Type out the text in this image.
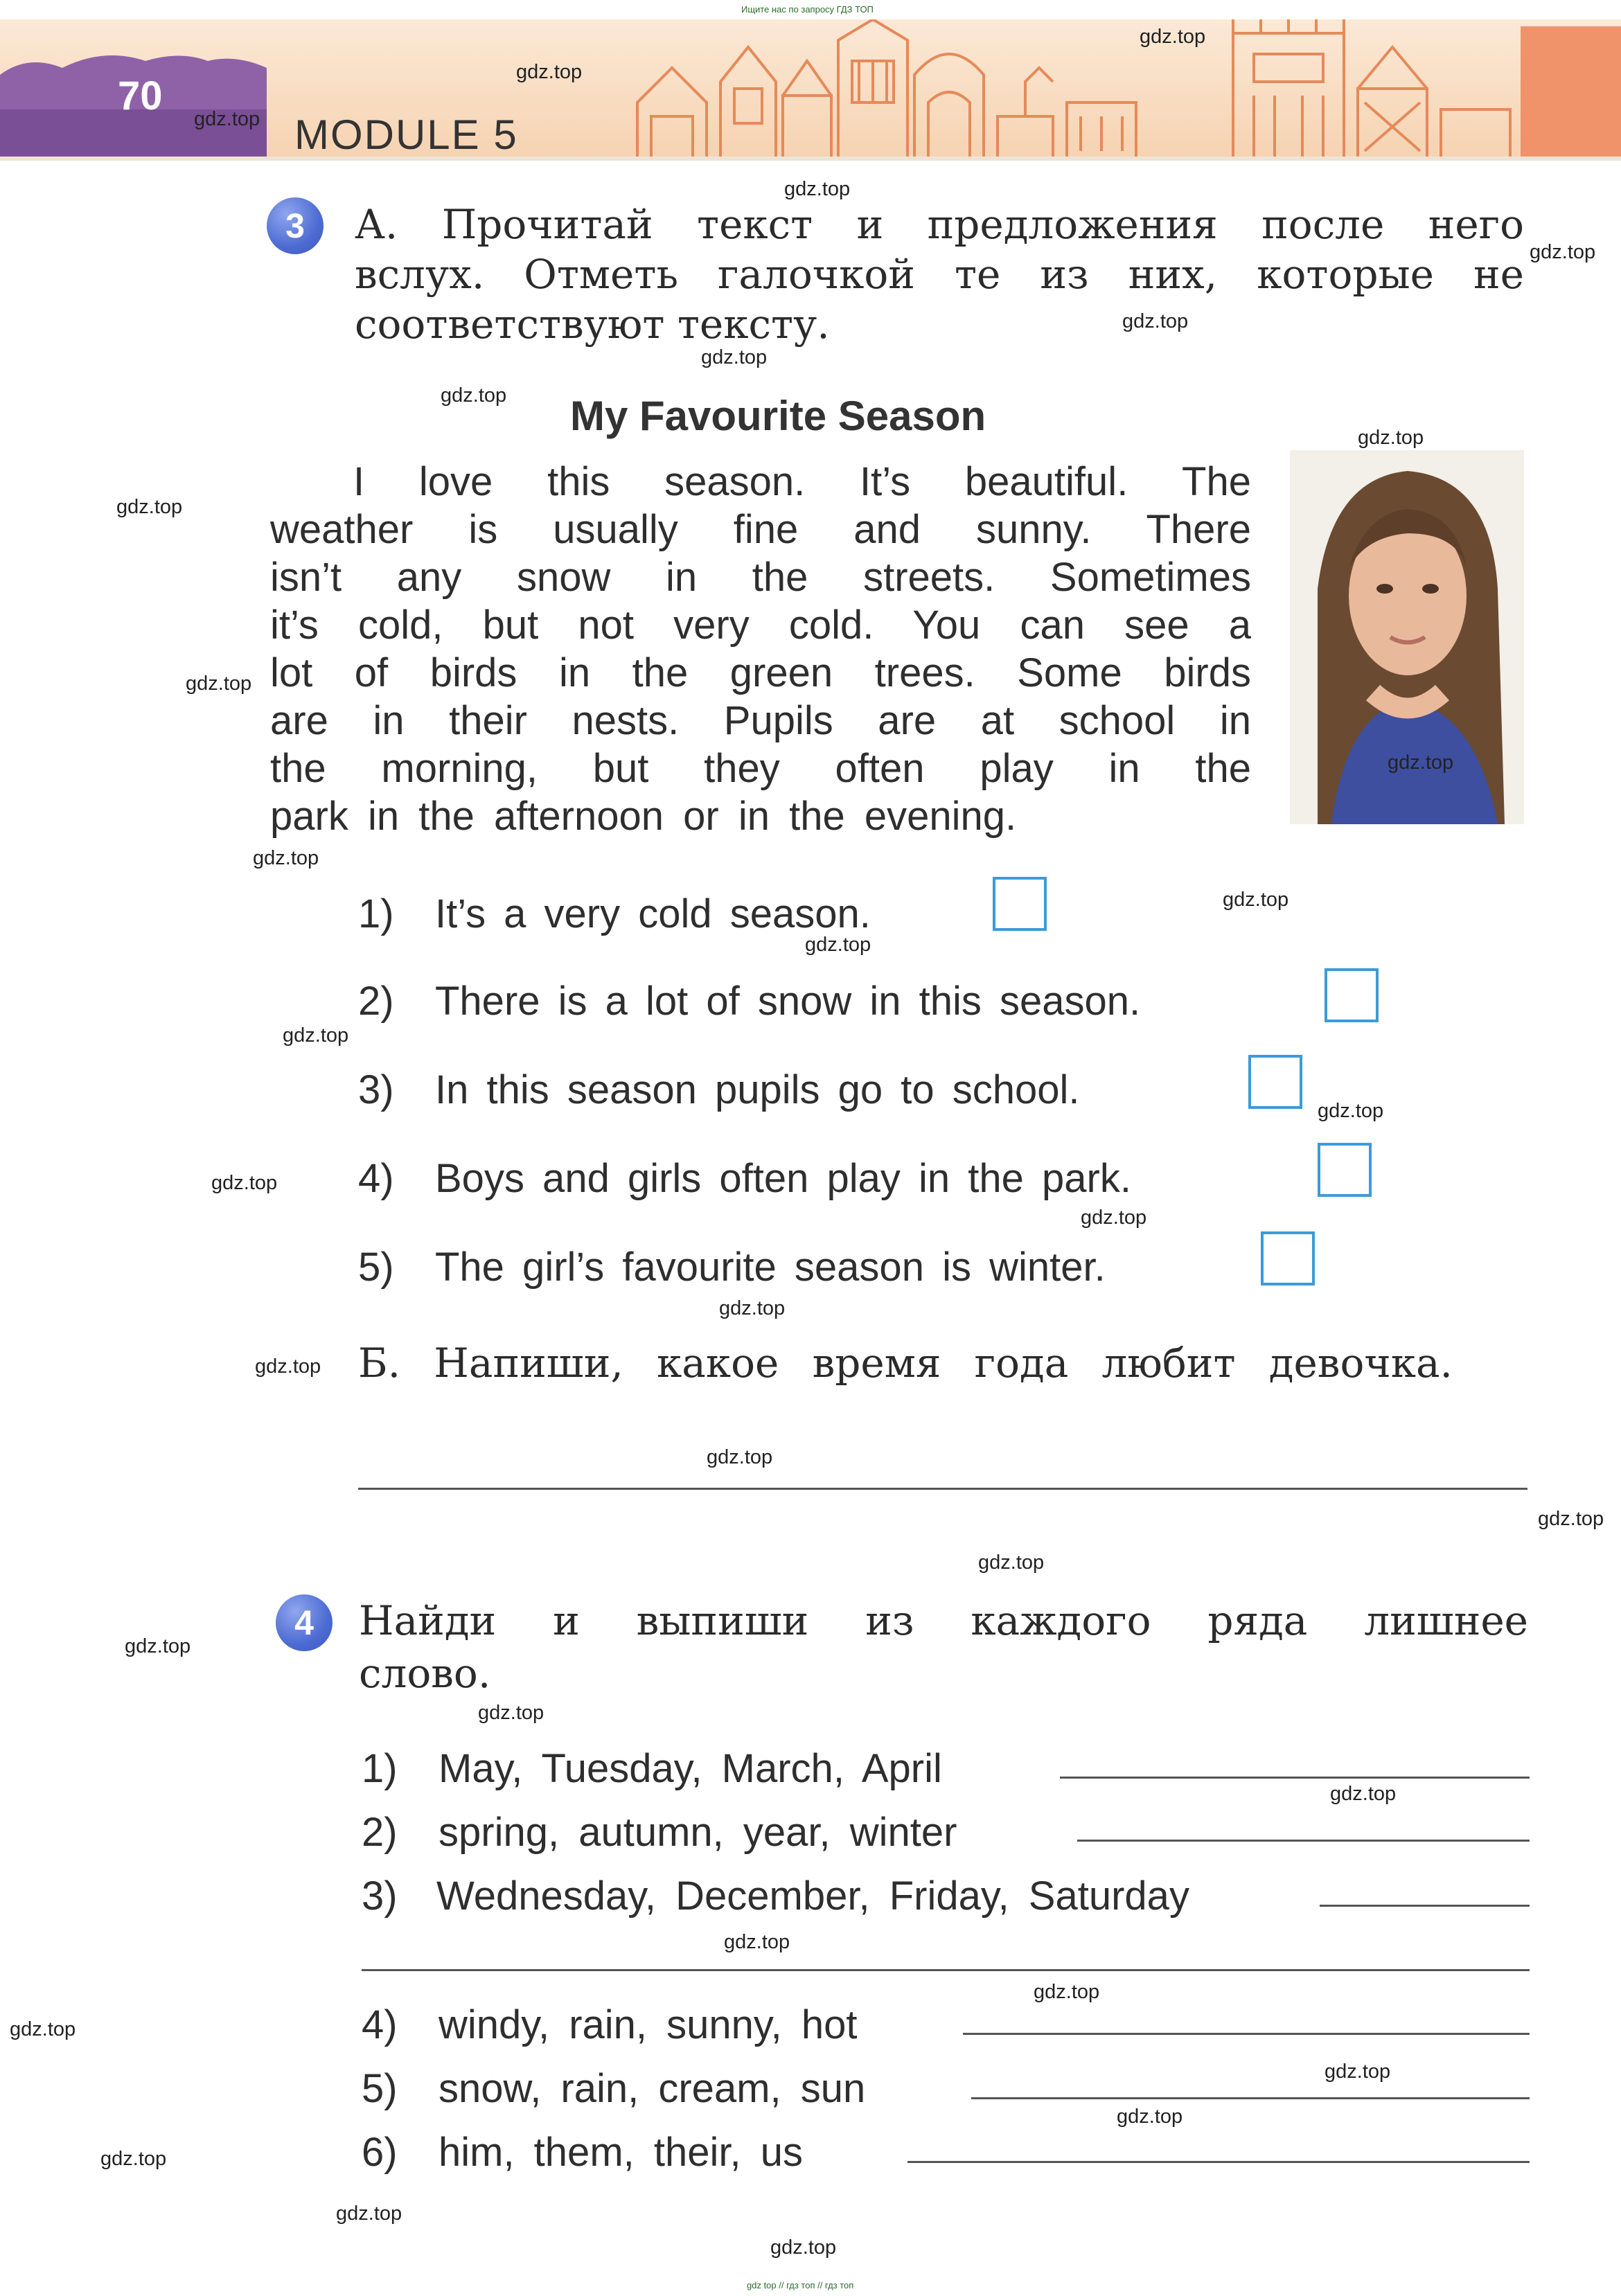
Ищите нас по запросу ГДЗ ТОП
70
MODULE 5
3	А. Прочитай текст и предложения после него
вслух. Отметь галочкой те из них, которые не
соответствуют тексту.
My Favourite Season
I love this season. It’s beautiful. The
weather is usually fine and sunny. There
isn’t any snow in the streets. Sometimes
it’s cold, but not very cold. You can see a
lot of birds in the green trees. Some birds
are in their nests. Pupils are at school in
the morning, but they often play in the
park in the afternoon or in the evening.
1) It’s a very cold season.
2) There is a lot of snow in this season.
3) In this season pupils go to school.
4) Boys and girls often play in the park.
5) The girl’s favourite season is winter.
Б. Напиши, какое время года любит девочка.
4	Найди и выпиши из каждого ряда лишнее
слово.
1) May, Tuesday, March, April
2) spring, autumn, year, winter
3) Wednesday, December, Friday, Saturday
4) windy, rain, sunny, hot
5) snow, rain, cream, sun
6) him, them, their, us
gdz.top
gdz.top
gdz.top
gdz.top
gdz.top
gdz.top
gdz.top
gdz.top
gdz.top
gdz.top
gdz.top
gdz.top
gdz.top
gdz.top
gdz.top
gdz.top
gdz.top
gdz.top
gdz.top
gdz.top
gdz.top
gdz.top
gdz.top
gdz.top
gdz.top
gdz.top
gdz.top
gdz.top
gdz.top
gdz.top
gdz.top
gdz.top
gdz.top
gdz.top
gdz.top
gdz top // гдз топ // гдз топ
